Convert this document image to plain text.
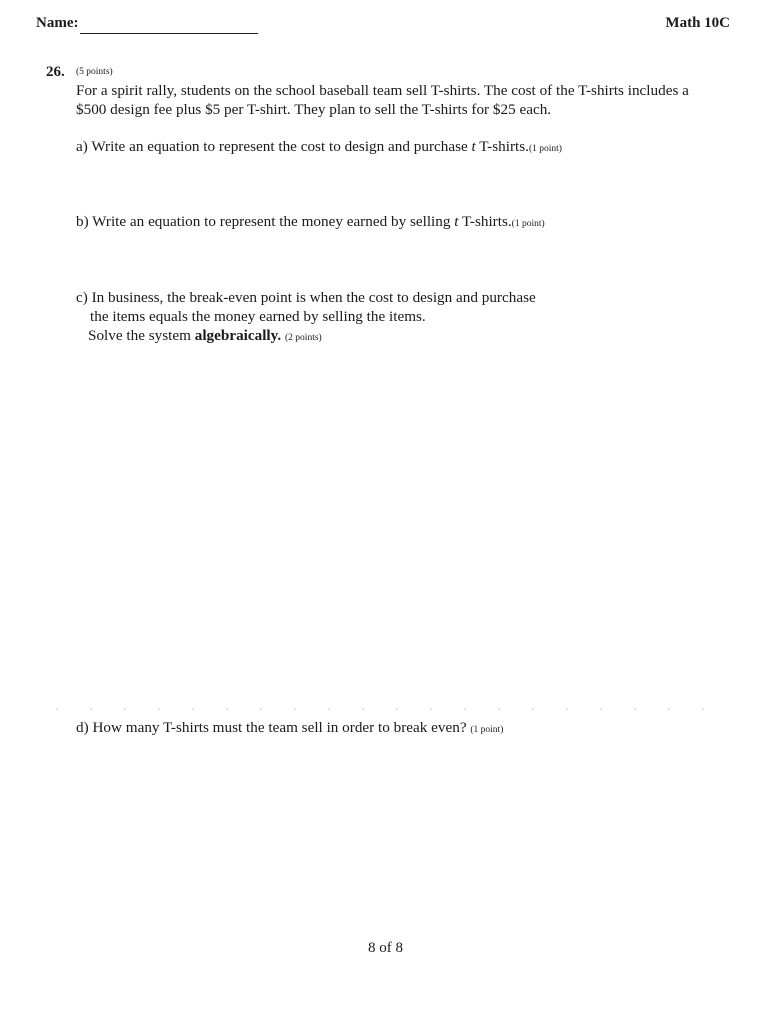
Name:	Math 10C
26. (5 points)
For a spirit rally, students on the school baseball team sell T-shirts. The cost of the T-shirts includes a
$500 design fee plus $5 per T-shirt. They plan to sell the T-shirts for $25 each.
a) Write an equation to represent the cost to design and purchase t T-shirts.(1 point)
b) Write an equation to represent the money earned by selling t T-shirts.(1 point)
c) In business, the break-even point is when the cost to design and purchase
the items equals the money earned by selling the items.
Solve the system algebraically. (2 points)
d) How many T-shirts must the team sell in order to break even? (1 point)
8 of 8
